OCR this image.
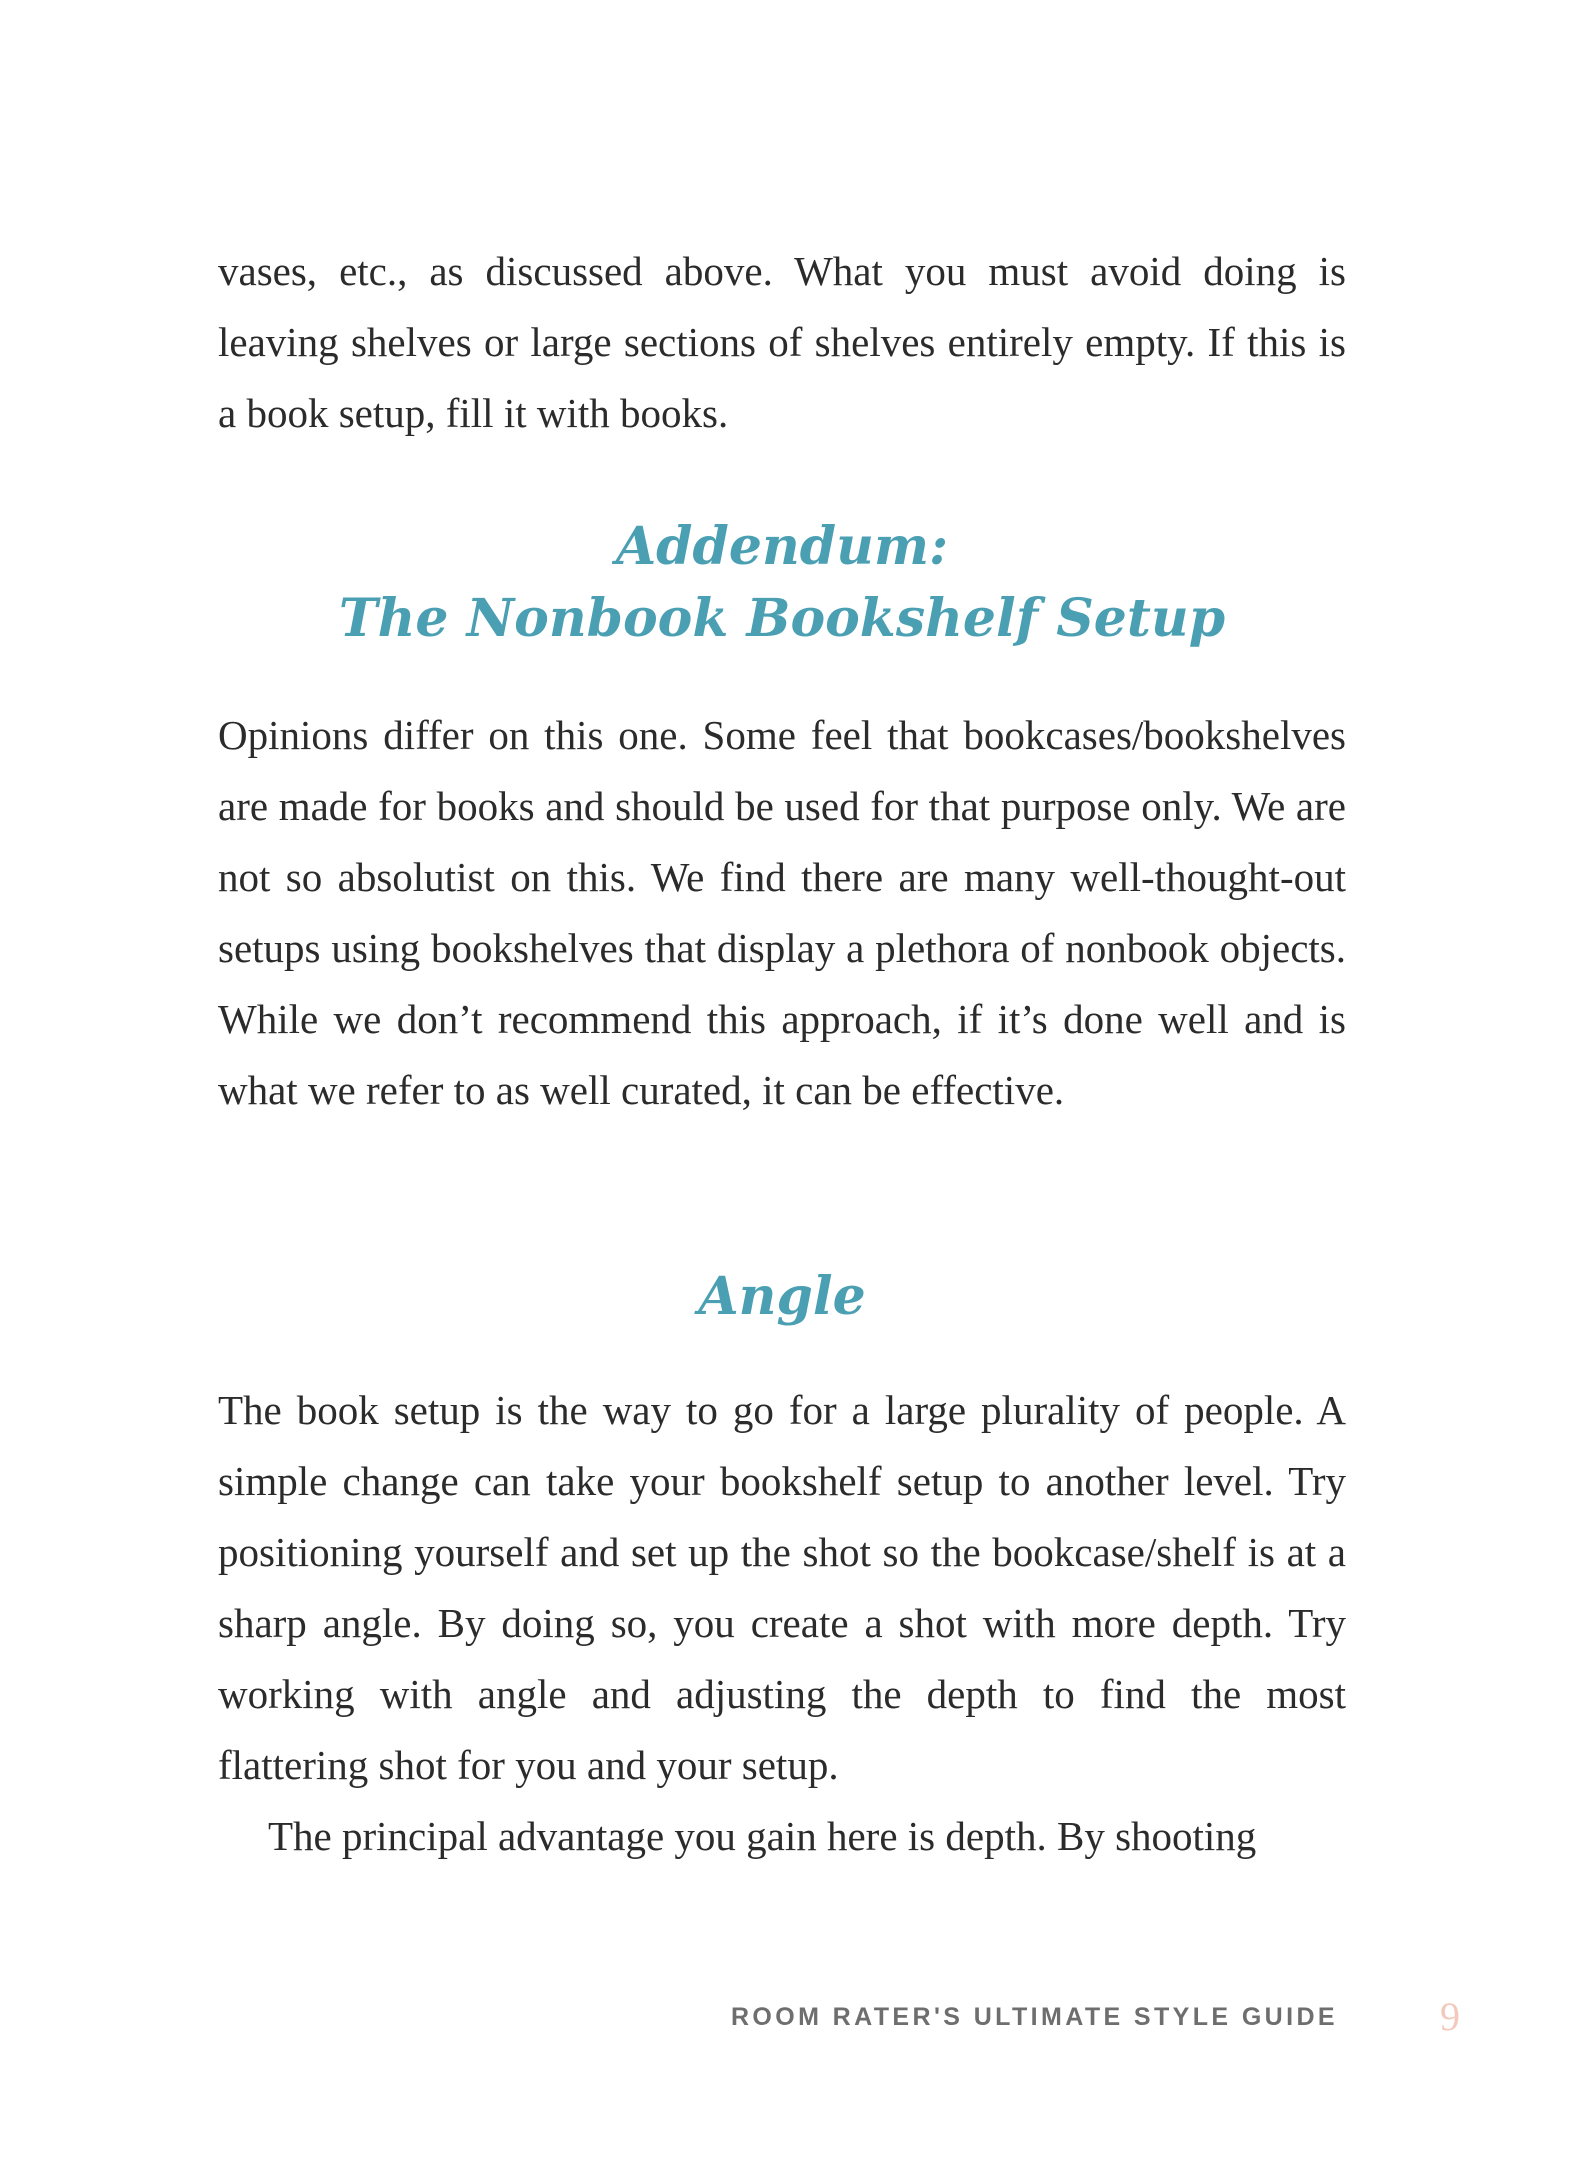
vases, etc., as discussed above. What you must avoid doing is leaving shelves or large sections of shelves entirely empty. If this is a book setup, fill it with books.

Addendum:
The Nonbook Bookshelf Setup

Opinions differ on this one. Some feel that bookcases/bookshelves are made for books and should be used for that purpose only. We are not so absolutist on this. We find there are many well-thought-out setups using bookshelves that display a plethora of nonbook objects. While we don’t recommend this approach, if it’s done well and is what we refer to as well curated, it can be effective.

Angle

The book setup is the way to go for a large plurality of people. A simple change can take your bookshelf setup to another level. Try positioning yourself and set up the shot so the bookcase/​shelf is at a sharp angle. By doing so, you create a shot with more depth. Try working with angle and adjusting the depth to find the most flattering shot for you and your setup.

The principal advantage you gain here is depth. By shooting

ROOM RATER'S ULTIMATE STYLE GUIDE	9
